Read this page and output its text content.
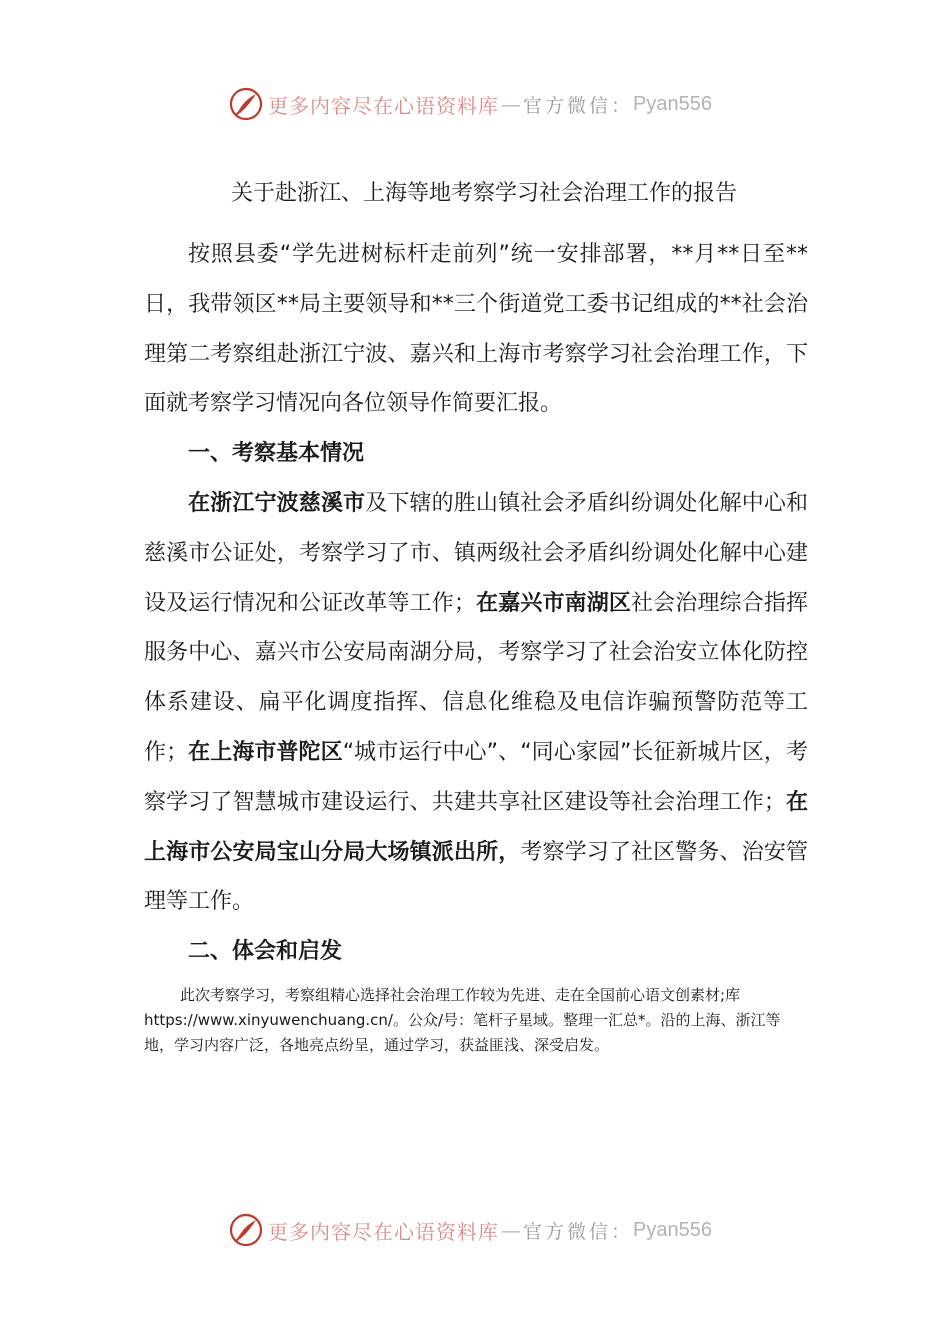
更多内容尽在心语资料库 — 官方微信： Pyan556

关于赴浙江、上海等地考察学习社会治理工作的报告

按照县委“学先进树标杆走前列”统一安排部署，**月**日至**日，我带领区**局主要领导和**三个街道党工委书记组成的**社会治理第二考察组赴浙江宁波、嘉兴和上海市考察学习社会治理工作，下面就考察学习情况向各位领导作简要汇报。

一、考察基本情况

在浙江宁波慈溪市及下辖的胜山镇社会矛盾纠纷调处化解中心和慈溪市公证处，考察学习了市、镇两级社会矛盾纠纷调处化解中心建设及运行情况和公证改革等工作；在嘉兴市南湖区社会治理综合指挥服务中心、嘉兴市公安局南湖分局，考察学习了社会治安立体化防控体系建设、扁平化调度指挥、信息化维稳及电信诈骗预警防范等工作；在上海市普陀区“城市运行中心”、“同心家园”长征新城片区，考察学习了智慧城市建设运行、共建共享社区建设等社会治理工作；在上海市公安局宝山分局大场镇派出所，考察学习了社区警务、治安管理等工作。

二、体会和启发

此次考察学习，考察组精心选择社会治理工作较为先进、走在全国前心语文创素材;库https://www.xinyuwenchuang.cn/。公众/号：笔杆子星域。整理一汇总*。沿的上海、浙江等地，学习内容广泛，各地亮点纷呈，通过学习，获益匪浅、深受启发。

更多内容尽在心语资料库 — 官方微信： Pyan556
